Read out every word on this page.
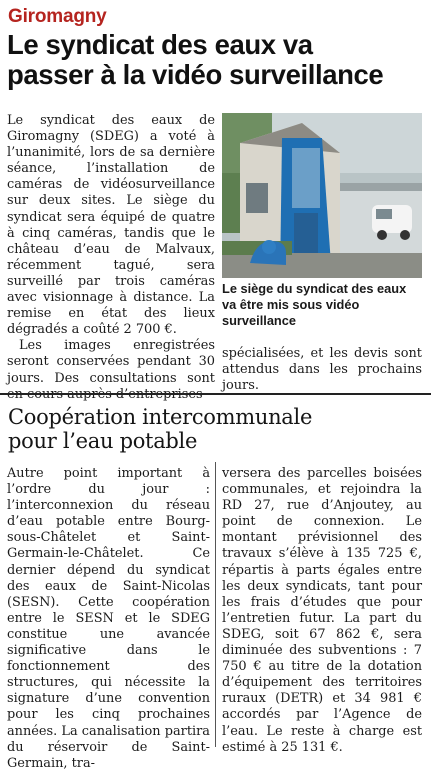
Giromagny
Le syndicat des eaux va
passer à la vidéo surveillance

Le syndicat des eaux de Giromagny (SDEG) a voté à l’unanimité, lors de sa dernière séance, l’installation de caméras de vidéosurveillance sur deux sites. Le siège du syndicat sera équipé de quatre à cinq caméras, tandis que le château d’eau de Malvaux, récemment tagué, sera surveillé par trois caméras avec visionnage à distance. La remise en état des lieux dégradés a coûté 2 700 €.

Les images enregistrées seront conservées pendant 30 jours. Des consultations sont

Le siège du syndicat des eaux va être mis sous vidéo surveillance

spécialisées, et les devis sont attendus dans les prochains jours.

Coopération intercommunale
pour l’eau potable

Autre point important à l’ordre du jour : l’interconnexion du réseau d’eau potable entre Bourg-sous-Châtelet et Saint-Germain-le-Châtelet. Ce dernier dépend du syndicat des eaux de Saint-Nicolas (SESN). Cette coopération entre le SESN et le SDEG constitue une avancée significative dans le fonctionnement des structures, qui nécessite la signature d’une convention pour les cinq prochaines années. La canalisation partira du réservoir de Saint-Germain, tra-

versera des parcelles boisées communales, et rejoindra la RD 27, rue d’Anjoutey, au point de connexion. Le montant prévisionnel des travaux s’élève à 135 725 €, répartis à parts égales entre les deux syndicats, tant pour les frais d’études que pour l’entretien futur. La part du SDEG, soit 67 862 €, sera diminuée des subventions : 7 750 € au titre de la dotation d’équipement des territoires ruraux (DETR) et 34 981 € accordés par l’Agence de l’eau. Le reste à charge est estimé à 25 131 €.
